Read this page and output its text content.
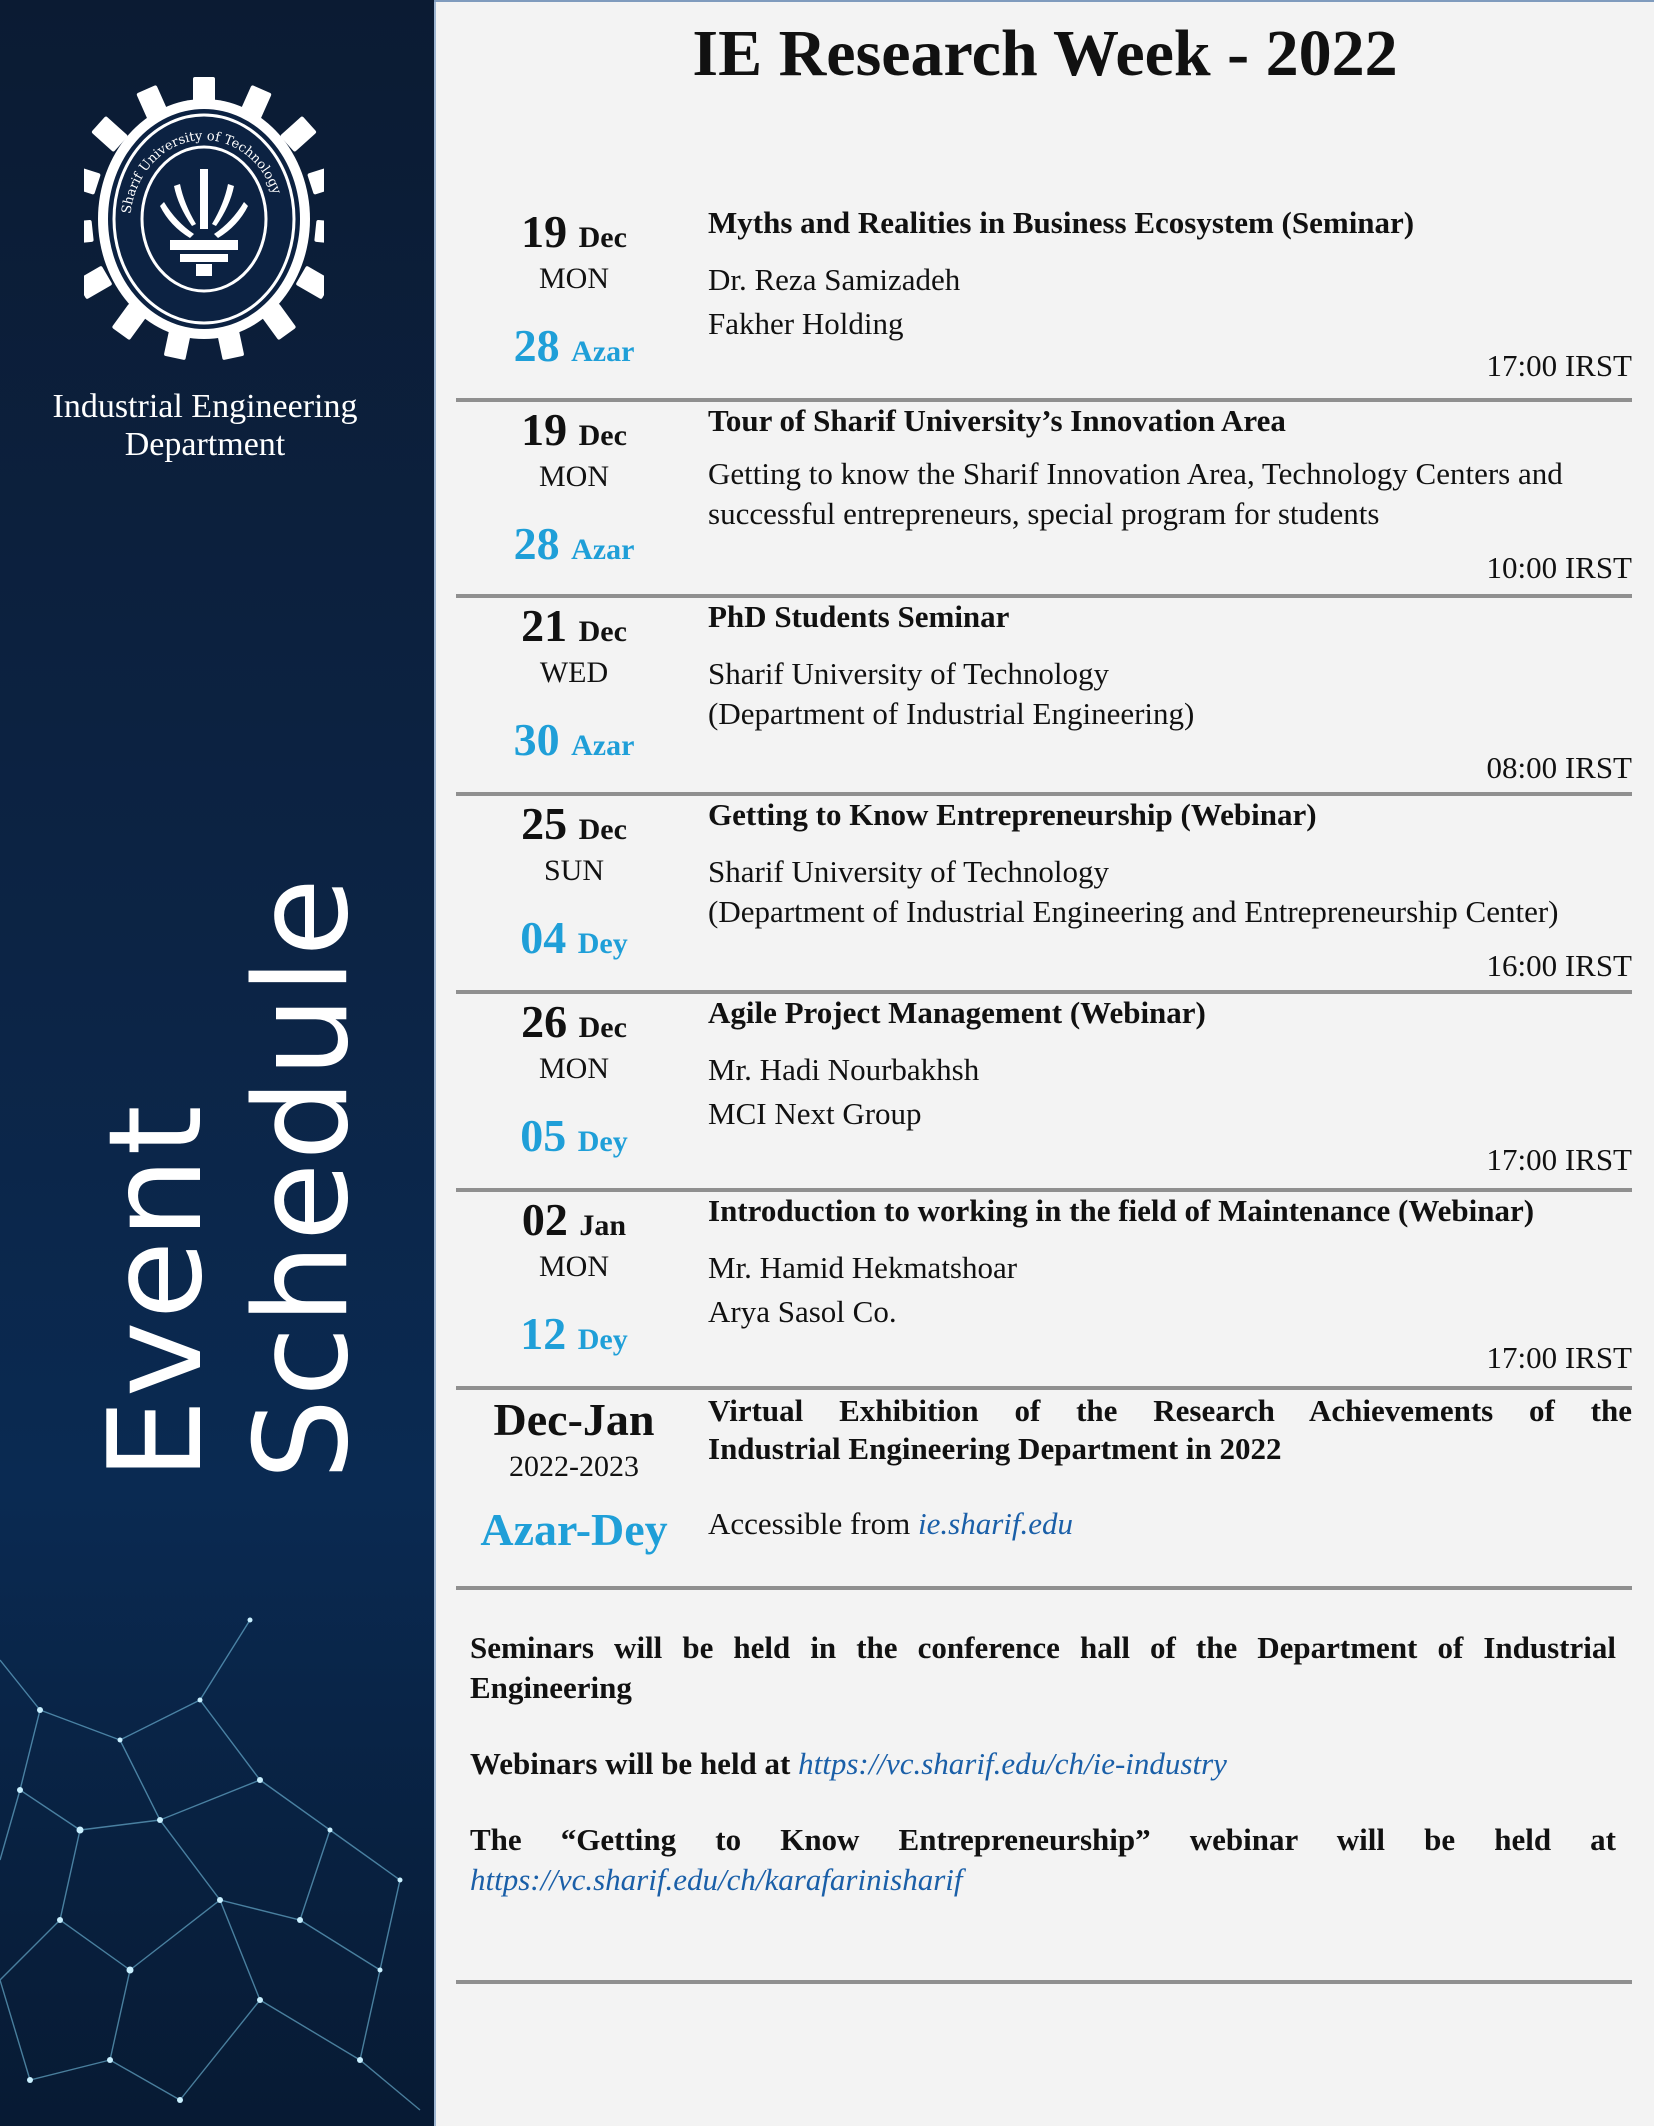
Sharif University of Technology
Industrial Engineering
Department
Event
Schedule
IE Research Week - 2022
19 Dec
MON
28 Azar
Myths and Realities in Business Ecosystem (Seminar)
Dr. Reza Samizadeh
Fakher Holding
17:00 IRST
19 Dec
MON
28 Azar
Tour of Sharif University’s Innovation Area
Getting to know the Sharif Innovation Area, Technology Centers and
successful entrepreneurs, special program for students
10:00 IRST
21 Dec
WED
30 Azar
PhD Students Seminar
Sharif University of Technology
(Department of Industrial Engineering)
08:00 IRST
25 Dec
SUN
04 Dey
Getting to Know Entrepreneurship (Webinar)
Sharif University of Technology
(Department of Industrial Engineering and Entrepreneurship Center)
16:00 IRST
26 Dec
MON
05 Dey
Agile Project Management (Webinar)
Mr. Hadi Nourbakhsh
MCI Next Group
17:00 IRST
02 Jan
MON
12 Dey
Introduction to working in the field of Maintenance (Webinar)
Mr. Hamid Hekmatshoar
Arya Sasol Co.
17:00 IRST
Dec-Jan
2022-2023
Azar-Dey
Virtual Exhibition of the Research Achievements of the
Industrial Engineering Department in 2022
Accessible from ie.sharif.edu
Seminars will be held in the conference hall of the Department of Industrial
Engineering
Webinars will be held at https://vc.sharif.edu/ch/ie-industry
The “Getting to Know Entrepreneurship” webinar will be held at
https://vc.sharif.edu/ch/karafarinisharif
